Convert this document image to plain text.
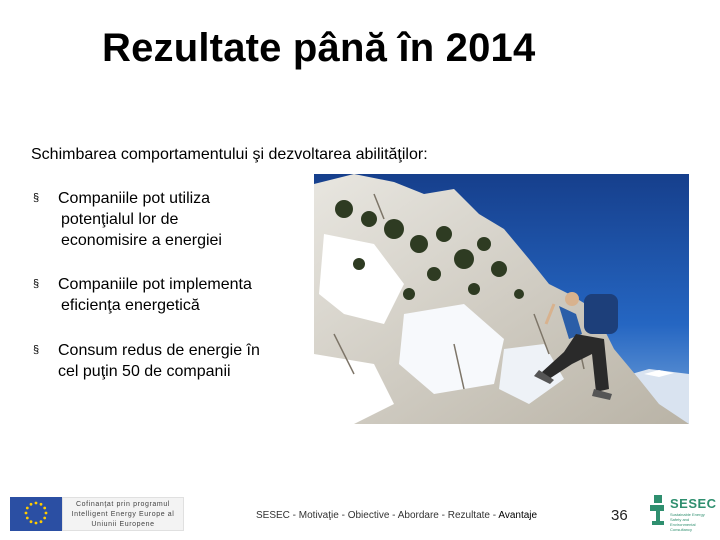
Rezultate până în 2014
Schimbarea comportamentului şi dezvoltarea abilităţilor:
§ Companiile pot utiliza
potenţialul lor de
economisire a energiei
§ Companiile pot implementa
eficienţa energetică
§ Consum redus de energie în
cel puţin 50 de companii
Cofinanţat prin programul
Intelligent Energy Europe al
Uniunii Europene
SESEC - Motivaţie - Obiective - Abordare - Rezultate - Avantaje	36
SESEC
Sustainable Energy Safety and Environmental Consultancy
